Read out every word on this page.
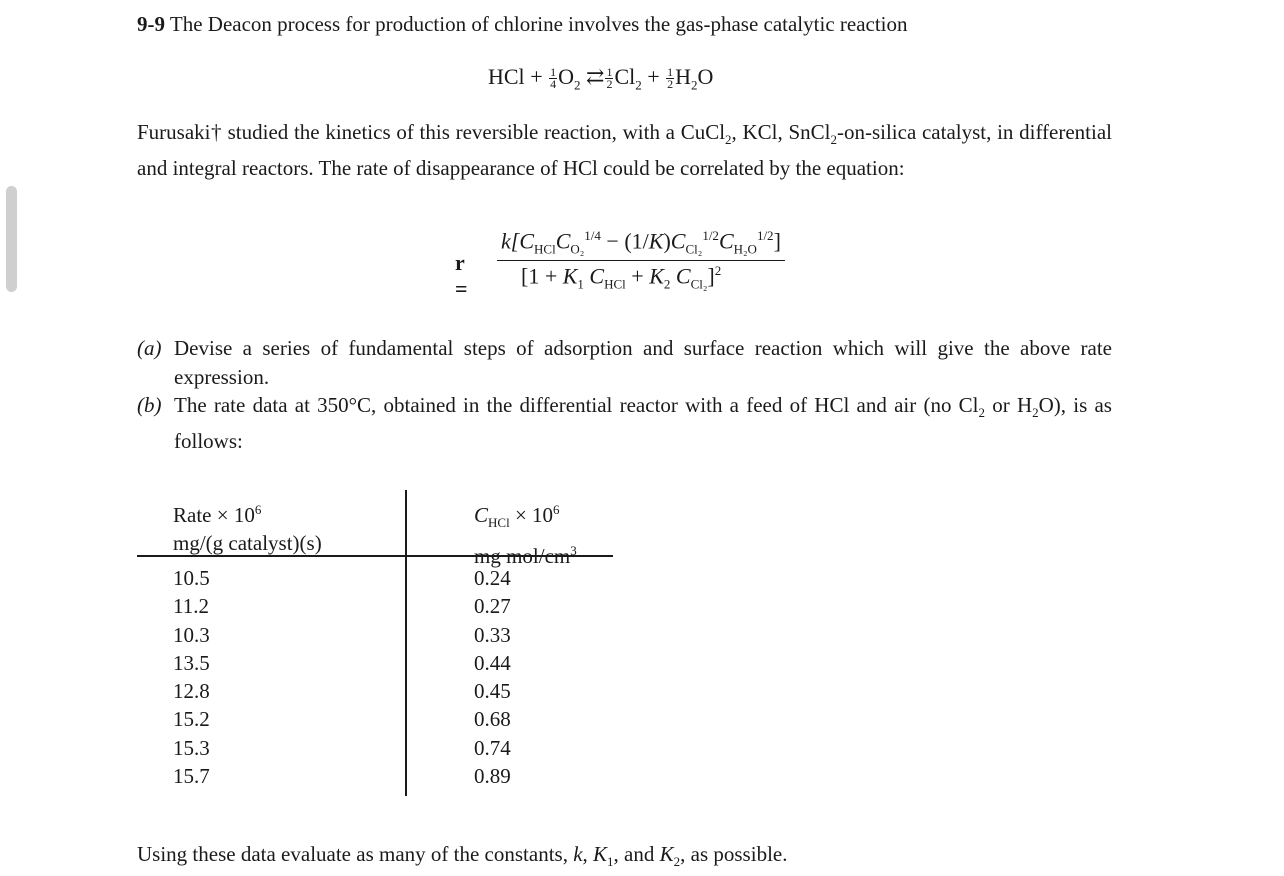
9-9 The Deacon process for production of chlorine involves the gas-phase catalytic reaction
HCl + $\frac{1}{4} O_2$ ⇄ $\frac{1}{2} Cl_2 + \frac{1}{2} H_2O$
Furusaki† studied the kinetics of this reversible reaction, with a CuCl$_2$, KCl, SnCl$_2$-on-silica catalyst, in differential and integral reactors. The rate of disappearance of HCl could be correlated by the equation:
r =
$k[C_{HCl}C_{O_2}^{1/4} - (1/K)C_{Cl_2}^{1/2}C_{H_2O}^{1/2}]$
[$1 + K_1$ $C_{HCl} + K_2$ $C_{Cl_2}]^2$
(a) Devise a series of fundamental steps of adsorption and surface reaction which will give the above rate expression.
(b) The rate data at 350°C, obtained in the differential reactor with a feed of HCl and air (no $Cl_2$ or $H_2O$), is as follows:
Rate × $10^6$
mg/(g catalyst)(s)
$C_{HCl} \times 10^6$
mg mol/$cm^3$
10.5
11.2
10.3
13.5
12.8
15.2
15.3
15.7
0.24
0.27
0.33
0.44
0.45
0.68
0.74
0.89
Using these data evaluate as many of the constants, k, $K_1$, and $K_2$, as possible.
